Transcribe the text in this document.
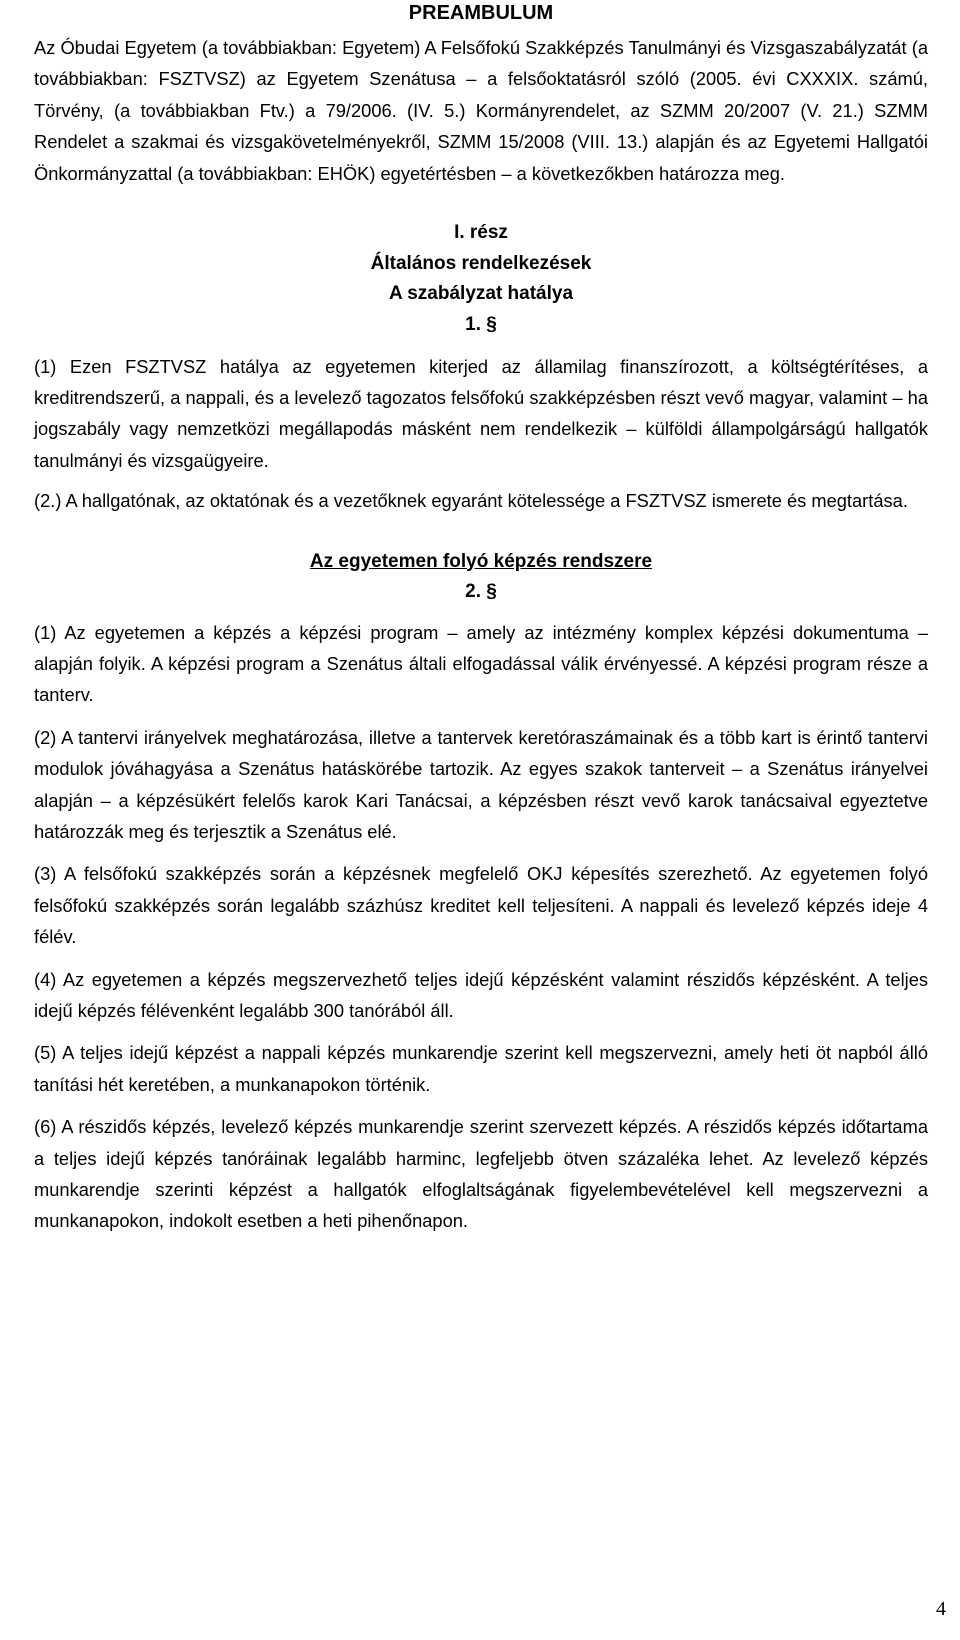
PREAMBULUM

Az Óbudai Egyetem (a továbbiakban: Egyetem) A Felsőfokú Szakképzés Tanulmányi és Vizsgaszabályzatát (a továbbiakban: FSZTVSZ) az Egyetem Szenátusa – a felsőoktatásról szóló (2005. évi CXXXIX. számú, Törvény, (a továbbiakban Ftv.) a 79/2006. (IV. 5.) Kormányrendelet, az SZMM 20/2007 (V. 21.) SZMM Rendelet a szakmai és vizsgakövetelményekről, SZMM 15/2008 (VIII. 13.) alapján és az Egyetemi Hallgatói Önkormányzattal (a továbbiakban: EHÖK) egyetértésben – a következőkben határozza meg.

I. rész
Általános rendelkezések
A szabályzat hatálya
1. §

(1) Ezen FSZTVSZ hatálya az egyetemen kiterjed az államilag finanszírozott, a költségtérítéses, a kreditrendszerű, a nappali, és a levelező tagozatos felsőfokú szakképzésben részt vevő magyar, valamint – ha jogszabály vagy nemzetközi megállapodás másként nem rendelkezik – külföldi állampolgárságú hallgatók tanulmányi és vizsgaügyeire.

(2.) A hallgatónak, az oktatónak és a vezetőknek egyaránt kötelessége a FSZTVSZ ismerete és megtartása.

Az egyetemen folyó képzés rendszere
2. §

(1) Az egyetemen a képzés a képzési program – amely az intézmény komplex képzési dokumentuma – alapján folyik. A képzési program a Szenátus általi elfogadással válik érvényessé. A képzési program része a tanterv.

(2) A tantervi irányelvek meghatározása, illetve a tantervek keretóraszámainak és a több kart is érintő tantervi modulok jóváhagyása a Szenátus hatáskörébe tartozik. Az egyes szakok tanterveit – a Szenátus irányelvei alapján – a képzésükért felelős karok Kari Tanácsai, a képzésben részt vevő karok tanácsaival egyeztetve határozzák meg és terjesztik a Szenátus elé.

(3) A felsőfokú szakképzés során a képzésnek megfelelő OKJ képesítés szerezhető. Az egyetemen folyó felsőfokú szakképzés során legalább százhúsz kreditet kell teljesíteni. A nappali és levelező képzés ideje 4 félév.

(4) Az egyetemen a képzés megszervezhető teljes idejű képzésként valamint részidős képzésként. A teljes idejű képzés félévenként legalább 300 tanórából áll.

(5) A teljes idejű képzést a nappali képzés munkarendje szerint kell megszervezni, amely heti öt napból álló tanítási hét keretében, a munkanapokon történik.

(6) A részidős képzés, levelező képzés munkarendje szerint szervezett képzés. A részidős képzés időtartama a teljes idejű képzés tanóráinak legalább harminc, legfeljebb ötven százaléka lehet. Az levelező képzés munkarendje szerinti képzést a hallgatók elfoglaltságának figyelembevételével kell megszervezni a munkanapokon, indokolt esetben a heti pihenőnapon.

4
